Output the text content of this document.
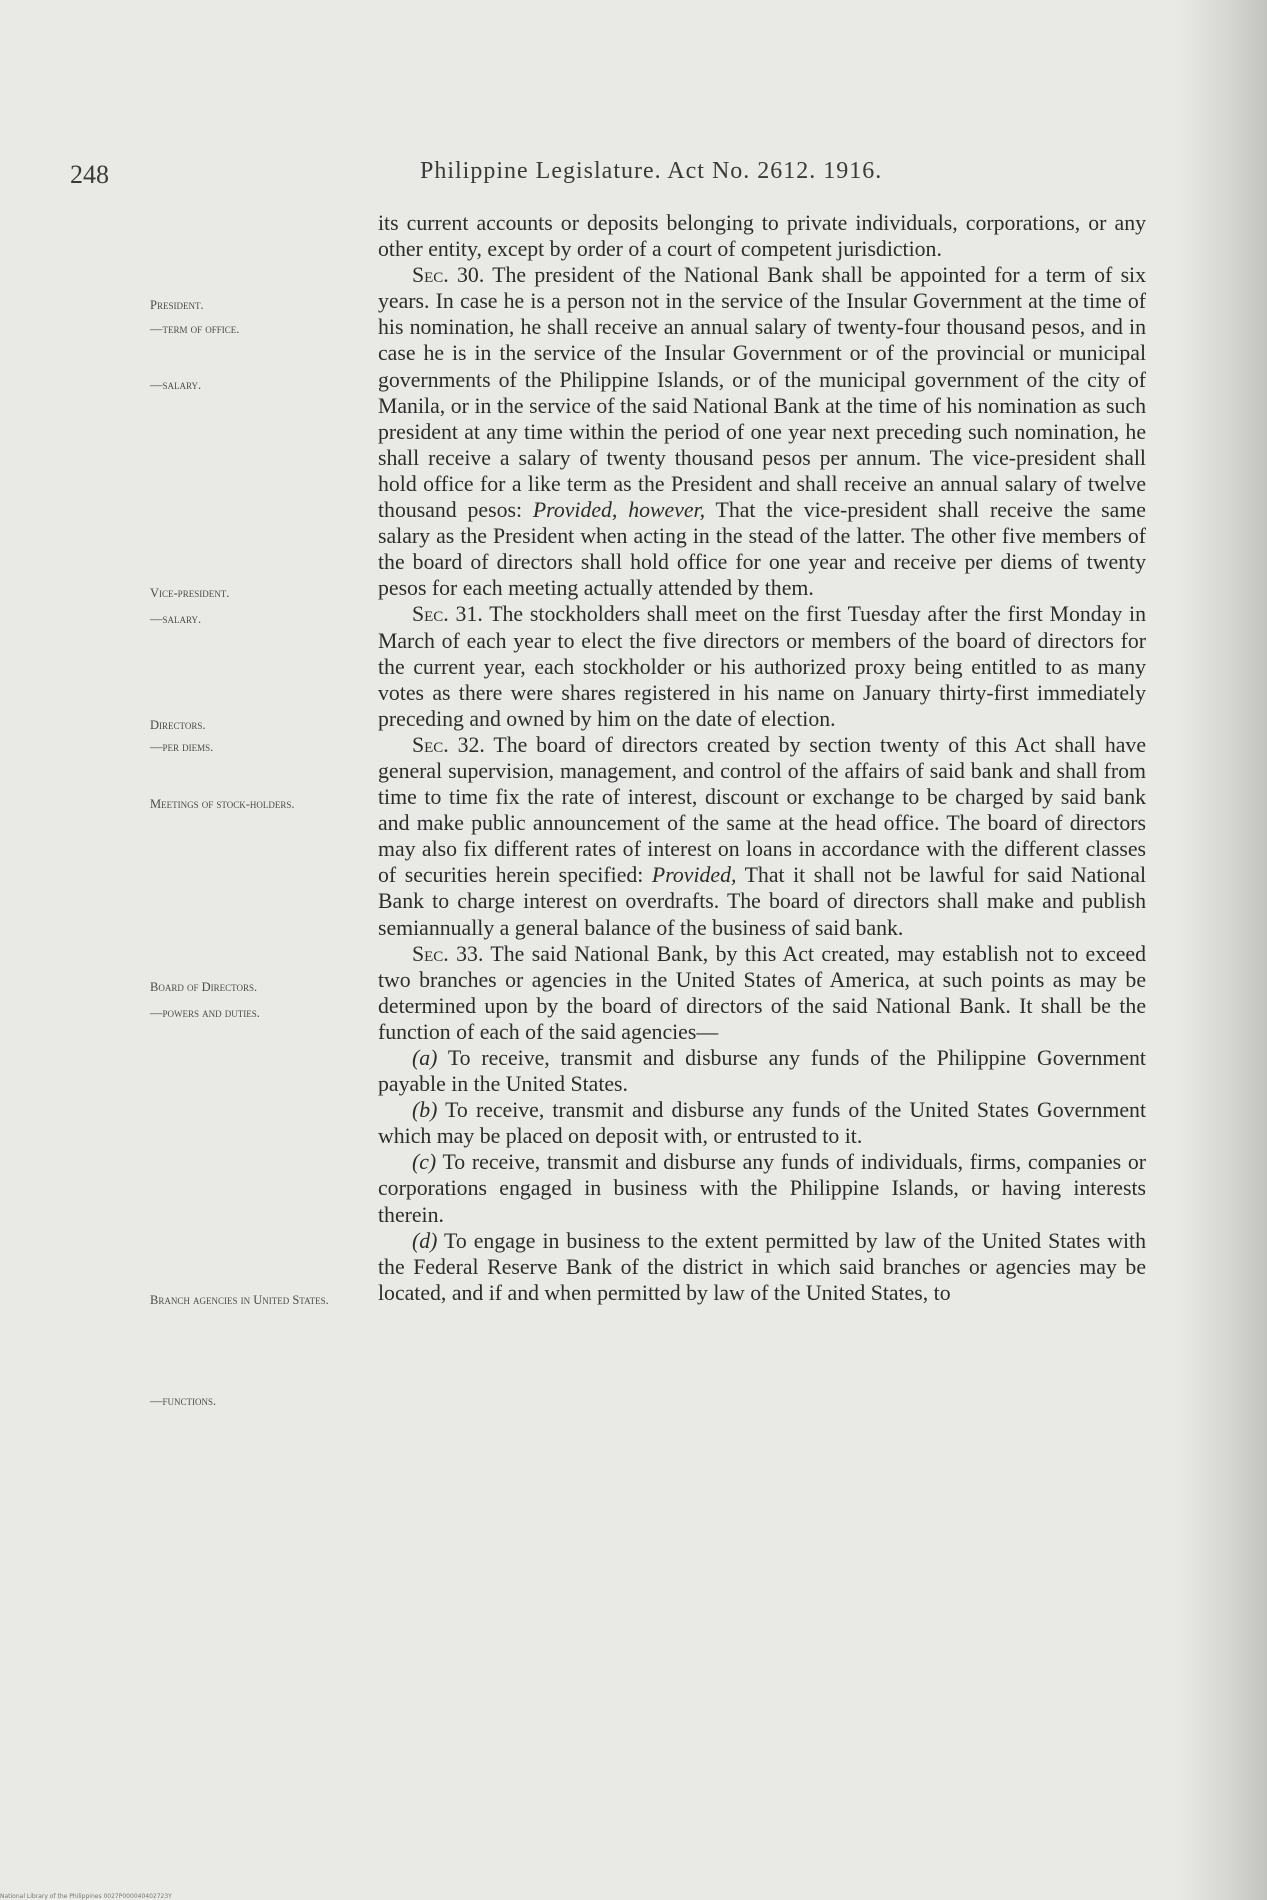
248	Philippine Legislature. Act No. 2612. 1916.
President.
—term of office.
—salary.
Vice-president.
—salary.
Directors.
—per diems.
Meetings of stock-holders.
Board of Directors.
—powers and duties.
Branch agencies in United States.
—functions.

its current accounts or deposits belonging to private individuals, corporations, or any other entity, except by order of a court of competent jurisdiction.

Sec. 30. The president of the National Bank shall be appointed for a term of six years. In case he is a person not in the service of the Insular Government at the time of his nomination, he shall receive an annual salary of twenty-four thousand pesos, and in case he is in the service of the Insular Government or of the provincial or municipal governments of the Philippine Islands, or of the municipal government of the city of Manila, or in the service of the said National Bank at the time of his nomination as such president at any time within the period of one year next preceding such nomination, he shall receive a salary of twenty thousand pesos per annum. The vice-president shall hold office for a like term as the President and shall receive an annual salary of twelve thousand pesos: Provided, however, That the vice-president shall receive the same salary as the President when acting in the stead of the latter. The other five members of the board of directors shall hold office for one year and receive per diems of twenty pesos for each meeting actually attended by them.

Sec. 31. The stockholders shall meet on the first Tuesday after the first Monday in March of each year to elect the five directors or members of the board of directors for the current year, each stockholder or his authorized proxy being entitled to as many votes as there were shares registered in his name on January thirty-first immediately preceding and owned by him on the date of election.

Sec. 32. The board of directors created by section twenty of this Act shall have general supervision, management, and control of the affairs of said bank and shall from time to time fix the rate of interest, discount or exchange to be charged by said bank and make public announcement of the same at the head office. The board of directors may also fix different rates of interest on loans in accordance with the different classes of securities herein specified: Provided, That it shall not be lawful for said National Bank to charge interest on overdrafts. The board of directors shall make and publish semiannually a general balance of the business of said bank.

Sec. 33. The said National Bank, by this Act created, may establish not to exceed two branches or agencies in the United States of America, at such points as may be determined upon by the board of directors of the said National Bank. It shall be the function of each of the said agencies—

(a) To receive, transmit and disburse any funds of the Philippine Government payable in the United States.

(b) To receive, transmit and disburse any funds of the United States Government which may be placed on deposit with, or entrusted to it.

(c) To receive, transmit and disburse any funds of individuals, firms, companies or corporations engaged in business with the Philippine Islands, or having interests therein.

(d) To engage in business to the extent permitted by law of the United States with the Federal Reserve Bank of the district in which said branches or agencies may be located, and if and when permitted by law of the United States, to

National Library of the Philippines 0027P000040402723Y
